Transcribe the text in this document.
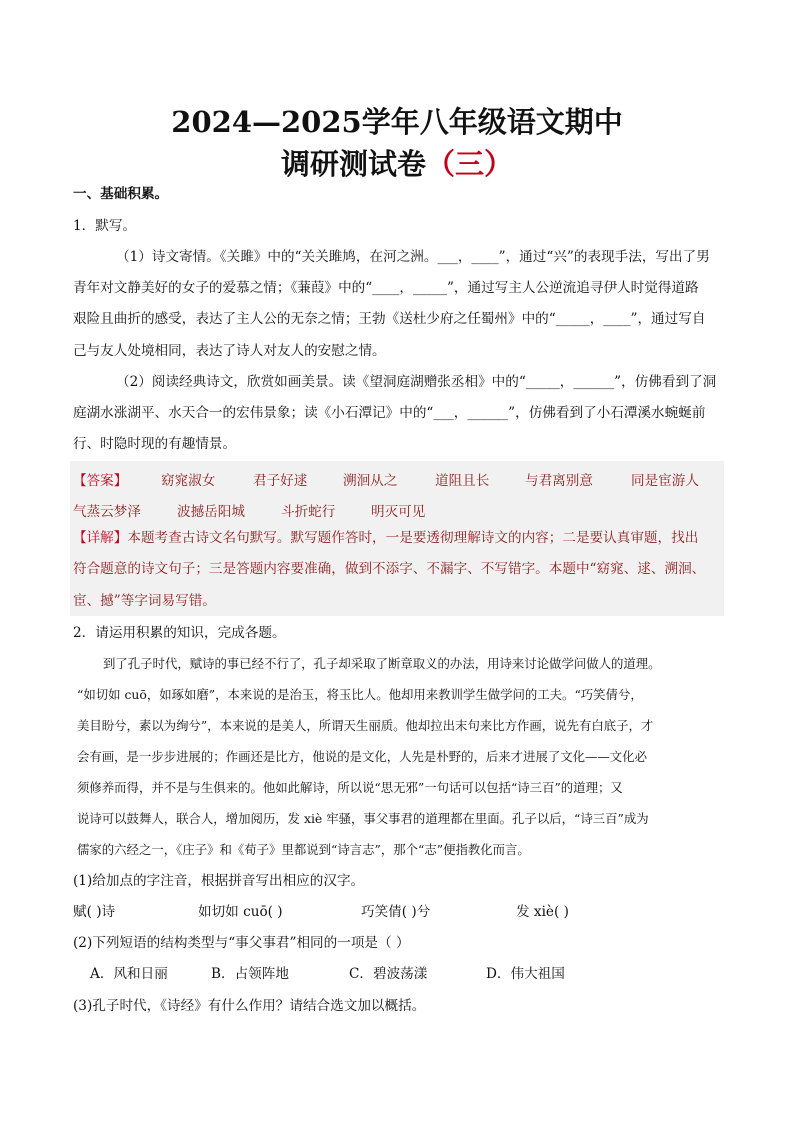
2024—2025学年八年级语文期中
调研测试卷（三）
一、基础积累。
1．默写。
（1）诗文寄情。《关雎》中的“关关雎鸠，在河之洲。___，____”，通过“兴”的表现手法，写出了男
青年对文静美好的女子的爱慕之情；《蒹葭》中的“____，_____”，通过写主人公逆流追寻伊人时觉得道路
艰险且曲折的感受，表达了主人公的无奈之情；王勃《送杜少府之任蜀州》中的“_____，____”，通过写自
己与友人处境相同，表达了诗人对友人的安慰之情。
（2）阅读经典诗文，欣赏如画美景。读《望洞庭湖赠张丞相》中的“_____，______”，仿佛看到了洞
庭湖水涨湖平、水天合一的宏伟景象；读《小石潭记》中的“___，______”，仿佛看到了小石潭溪水蜿蜒前
行、时隐时现的有趣情景。
【答案】 窈窕淑女	君子好逑	溯洄从之	道阻且长	与君离别意	同是宦游人
气蒸云梦泽	波撼岳阳城	斗折蛇行	明灭可见
【详解】本题考查古诗文名句默写。默写题作答时，一是要透彻理解诗文的内容；二是要认真审题，找出
符合题意的诗文句子；三是答题内容要准确，做到不添字、不漏字、不写错字。本题中“窈窕、逑、溯洄、
宦、撼”等字词易写错。
2．请运用积累的知识，完成各题。
到了孔子时代，赋诗的事已经不行了，孔子却采取了断章取义的办法，用诗来讨论做学问做人的道理。
“如切如 cuō，如琢如磨”，本来说的是治玉，将玉比人。他却用来教训学生做学问的工夫。“巧笑倩兮，
美目盼兮，素以为绚兮”，本来说的是美人，所谓天生丽质。他却拉出末句来比方作画，说先有白底子，才
会有画，是一步步进展的；作画还是比方，他说的是文化，人先是朴野的，后来才进展了文化——文化必
须修养而得，并不是与生俱来的。他如此解诗，所以说“思无邪”一句话可以包括“诗三百”的道理；又
说诗可以鼓舞人，联合人，增加阅历，发 xiè 牢骚，事父事君的道理都在里面。孔子以后，“诗三百”成为
儒家的六经之一，《庄子》和《荀子》里都说到“诗言志”，那个“志”便指教化而言。
(1)给加点的字注音，根据拼音写出相应的汉字。
赋( )诗	如切如 cuō( )	巧笑倩( )兮	发 xiè( )
(2)下列短语的结构类型与“事父事君”相同的一项是（ ）
A．风和日丽	B．占领阵地	C．碧波荡漾	D．伟大祖国
(3)孔子时代，《诗经》有什么作用？请结合选文加以概括。
